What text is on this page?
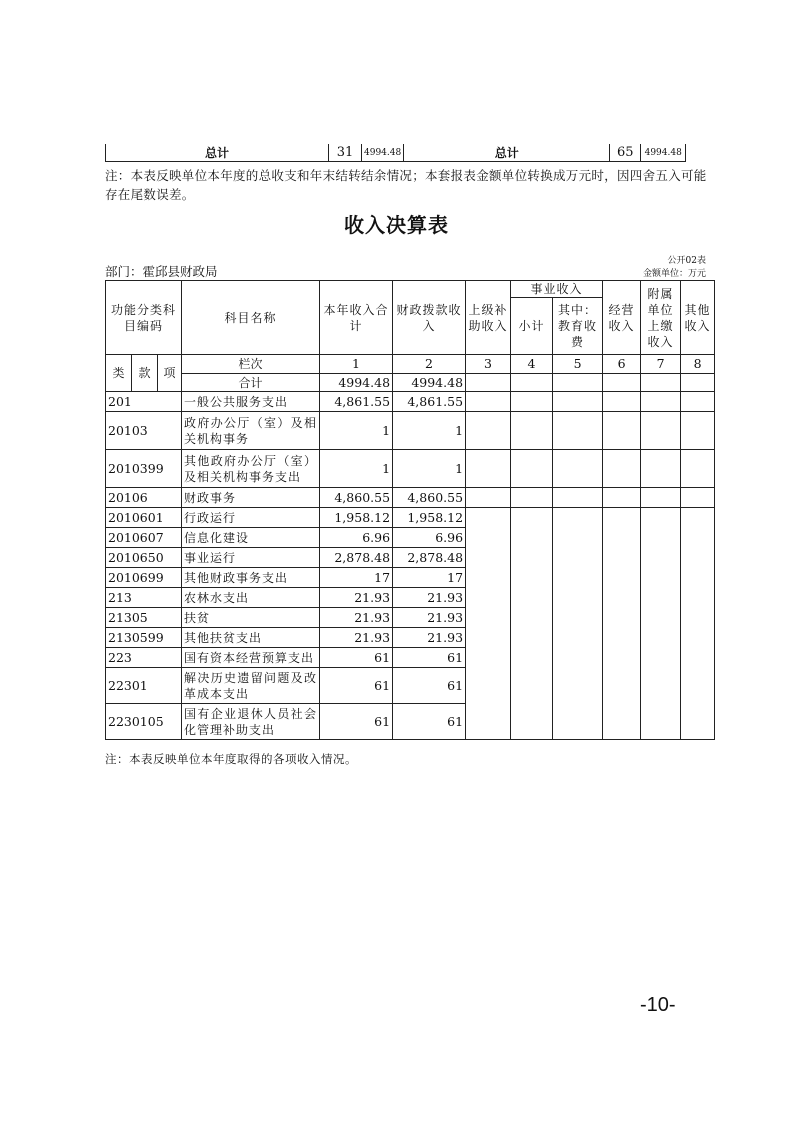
总计	31	4994.48	总计	65	4994.48
注：本表反映单位本年度的总收支和年末结转结余情况；本套报表金额单位转换成万元时，因四舍五入可能存在尾数误差。
收入决算表
部门：霍邱县财政局
公开02表
金额单位：万元
功能分类科目编码			科目名称	本年收入合计	财政拨款收入	上级补助收入	事业收入		经营收入	附属单位上缴收入	其他收入
							小计	其中：教育收费			

类	款	项	栏次	1	2	3	4	5	6	7	8
			合计	4994.48	4994.48						
201			一般公共服务支出	4,861.55	4,861.55						
20103			政府办公厅（室）及相关机构事务	1	1						
2010399			其他政府办公厅（室）及相关机构事务支出	1	1						
20106			财政事务	4,860.55	4,860.55						
2010601			行政运行	1,958.12	1,958.12						
2010607			信息化建设	6.96	6.96						
2010650			事业运行	2,878.48	2,878.48						
2010699			其他财政事务支出	17	17						
213			农林水支出	21.93	21.93						
21305			扶贫	21.93	21.93						
2130599			其他扶贫支出	21.93	21.93						
223			国有资本经营预算支出	61	61						
22301			解决历史遗留问题及改革成本支出	61	61						
2230105			国有企业退休人员社会化管理补助支出	61	61						
注：本表反映单位本年度取得的各项收入情况。
-10-
